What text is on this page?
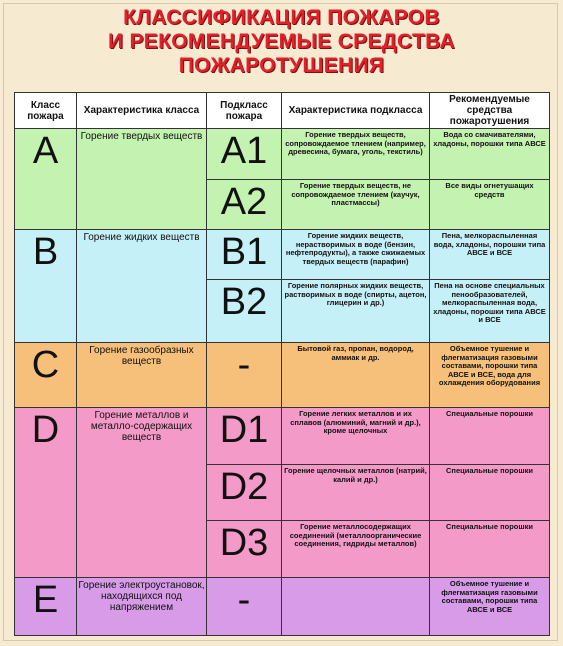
КЛАССИФИКАЦИЯ ПОЖАРОВ
И РЕКОМЕНДУЕМЫЕ СРЕДСТВА
ПОЖАРОТУШЕНИЯ
Класс пожара	Характеристика класса	Подкласс пожара	Характеристика подкласса	Рекомендуемые средства пожаротушения

A	Горение твердых веществ	A1	Горение твердых веществ, сопровождаемое тлением (например, древесина, бумага, уголь, текстиль)	Вода со смачивателями, хладоны, порошки типа АВСЕ

		A2	Горение твердых веществ, не сопровождаемое тлением (каучук, пластмассы)	Все виды огнетушащих средств

B	Горение жидких веществ	B1	Горение жидких веществ, нерастворимых в воде (бензин, нефтепродукты), а также сжижаемых твердых веществ (парафин)	Пена, мелкораспыленная вода, хладоны, порошки типа АВСЕ и ВСЕ

		B2	Горение полярных жидких веществ, растворимых в воде (спирты, ацетон, глицерин и др.)	Пена на основе специальных пенообразователей, мелкораспыленная вода, хладоны, порошки типа АВСЕ и ВСЕ

C	Горение газообразных веществ	-	Бытовой газ, пропан, водород, аммиак и др.	Объемное тушение и флегматизация газовыми составами, порошки типа АВСЕ и ВСЕ, вода для охлаждения оборудования

D	Горение металлов и металло-содержащих веществ	D1	Горение легких металлов и их сплавов (алюминий, магний и др.), кроме щелочных	Специальные порошки

		D2	Горение щелочных металлов (натрий, калий и др.)	Специальные порошки

		D3	Горение металлосодержащих соединений (металлоорганические соединения, гидриды металлов)	Специальные порошки

E	Горение электроустановок, находящихся под напряжением	-		Объемное тушение и флегматизация газовыми составами, порошки типа АВСЕ и ВСЕ
